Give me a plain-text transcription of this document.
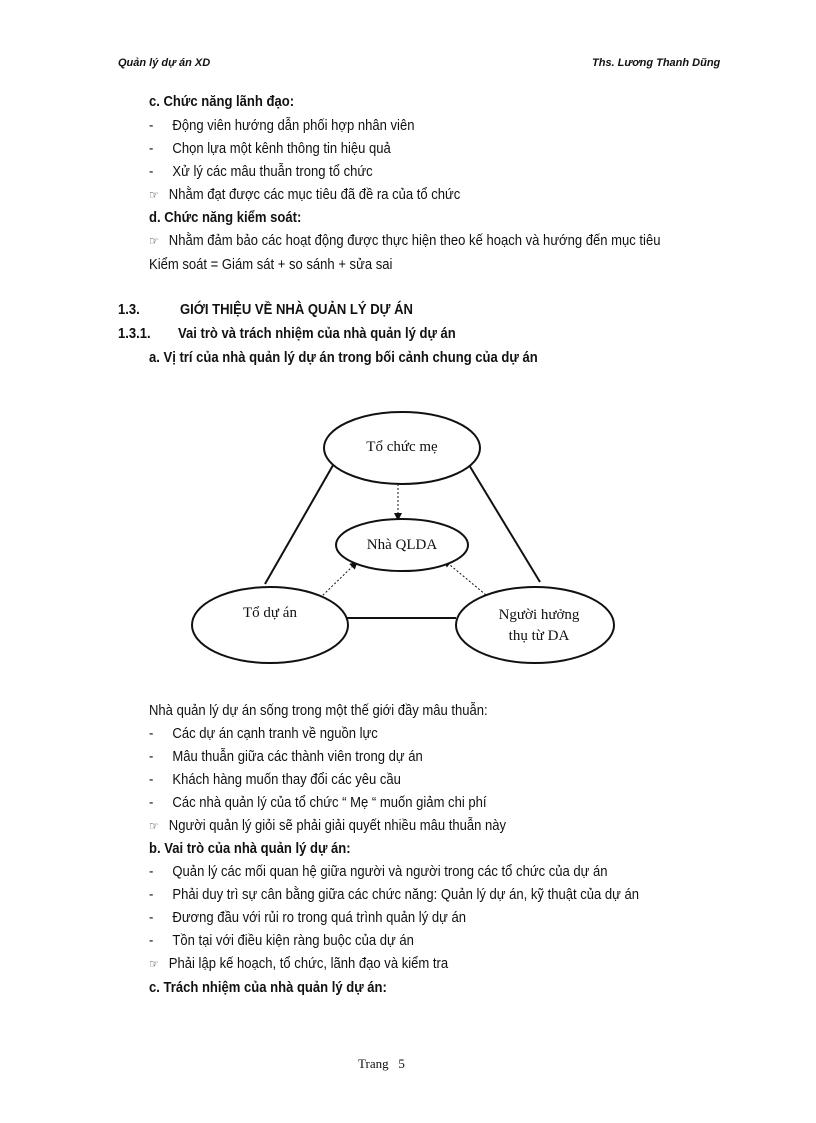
Quản lý dự án XD	Ths. Lương Thanh Dũng
c. Chức năng lãnh đạo:
- Động viên hướng dẫn phối hợp nhân viên
- Chọn lựa một kênh thông tin hiệu quả
- Xử lý các mâu thuẫn trong tổ chức
☞ Nhằm đạt được các mục tiêu đã đề ra của tổ chức
d. Chức năng kiểm soát:
☞ Nhằm đảm bảo các hoạt động được thực hiện theo kế hoạch và hướng đến mục tiêu
Kiểm soát = Giám sát + so sánh + sửa sai
1.3.	GIỚI THIỆU VỀ NHÀ QUẢN LÝ DỰ ÁN
1.3.1. Vai trò và trách nhiệm của nhà quản lý dự án
a. Vị trí của nhà quản lý dự án trong bối cảnh chung của dự án
Tổ chức mẹ
Nhà QLDA
Tổ dự án	Người hưởng
thụ từ DA
Nhà quản lý dự án sống trong một thế giới đầy mâu thuẫn:
- Các dự án cạnh tranh về nguồn lực
- Mâu thuẫn giữa các thành viên trong dự án
- Khách hàng muốn thay đổi các yêu cầu
- Các nhà quản lý của tổ chức “ Mẹ “ muốn giảm chi phí
☞ Người quản lý giỏi sẽ phải giải quyết nhiều mâu thuẫn này
b. Vai trò của nhà quản lý dự án:
- Quản lý các mối quan hệ giữa người và người trong các tổ chức của dự án
- Phải duy trì sự cân bằng giữa các chức năng: Quản lý dự án, kỹ thuật của dự án
- Đương đầu với rủi ro trong quá trình quản lý dự án
- Tồn tại với điều kiện ràng buộc của dự án
☞ Phải lập kế hoạch, tổ chức, lãnh đạo và kiểm tra
c. Trách nhiệm của nhà quản lý dự án:
Trang 5
